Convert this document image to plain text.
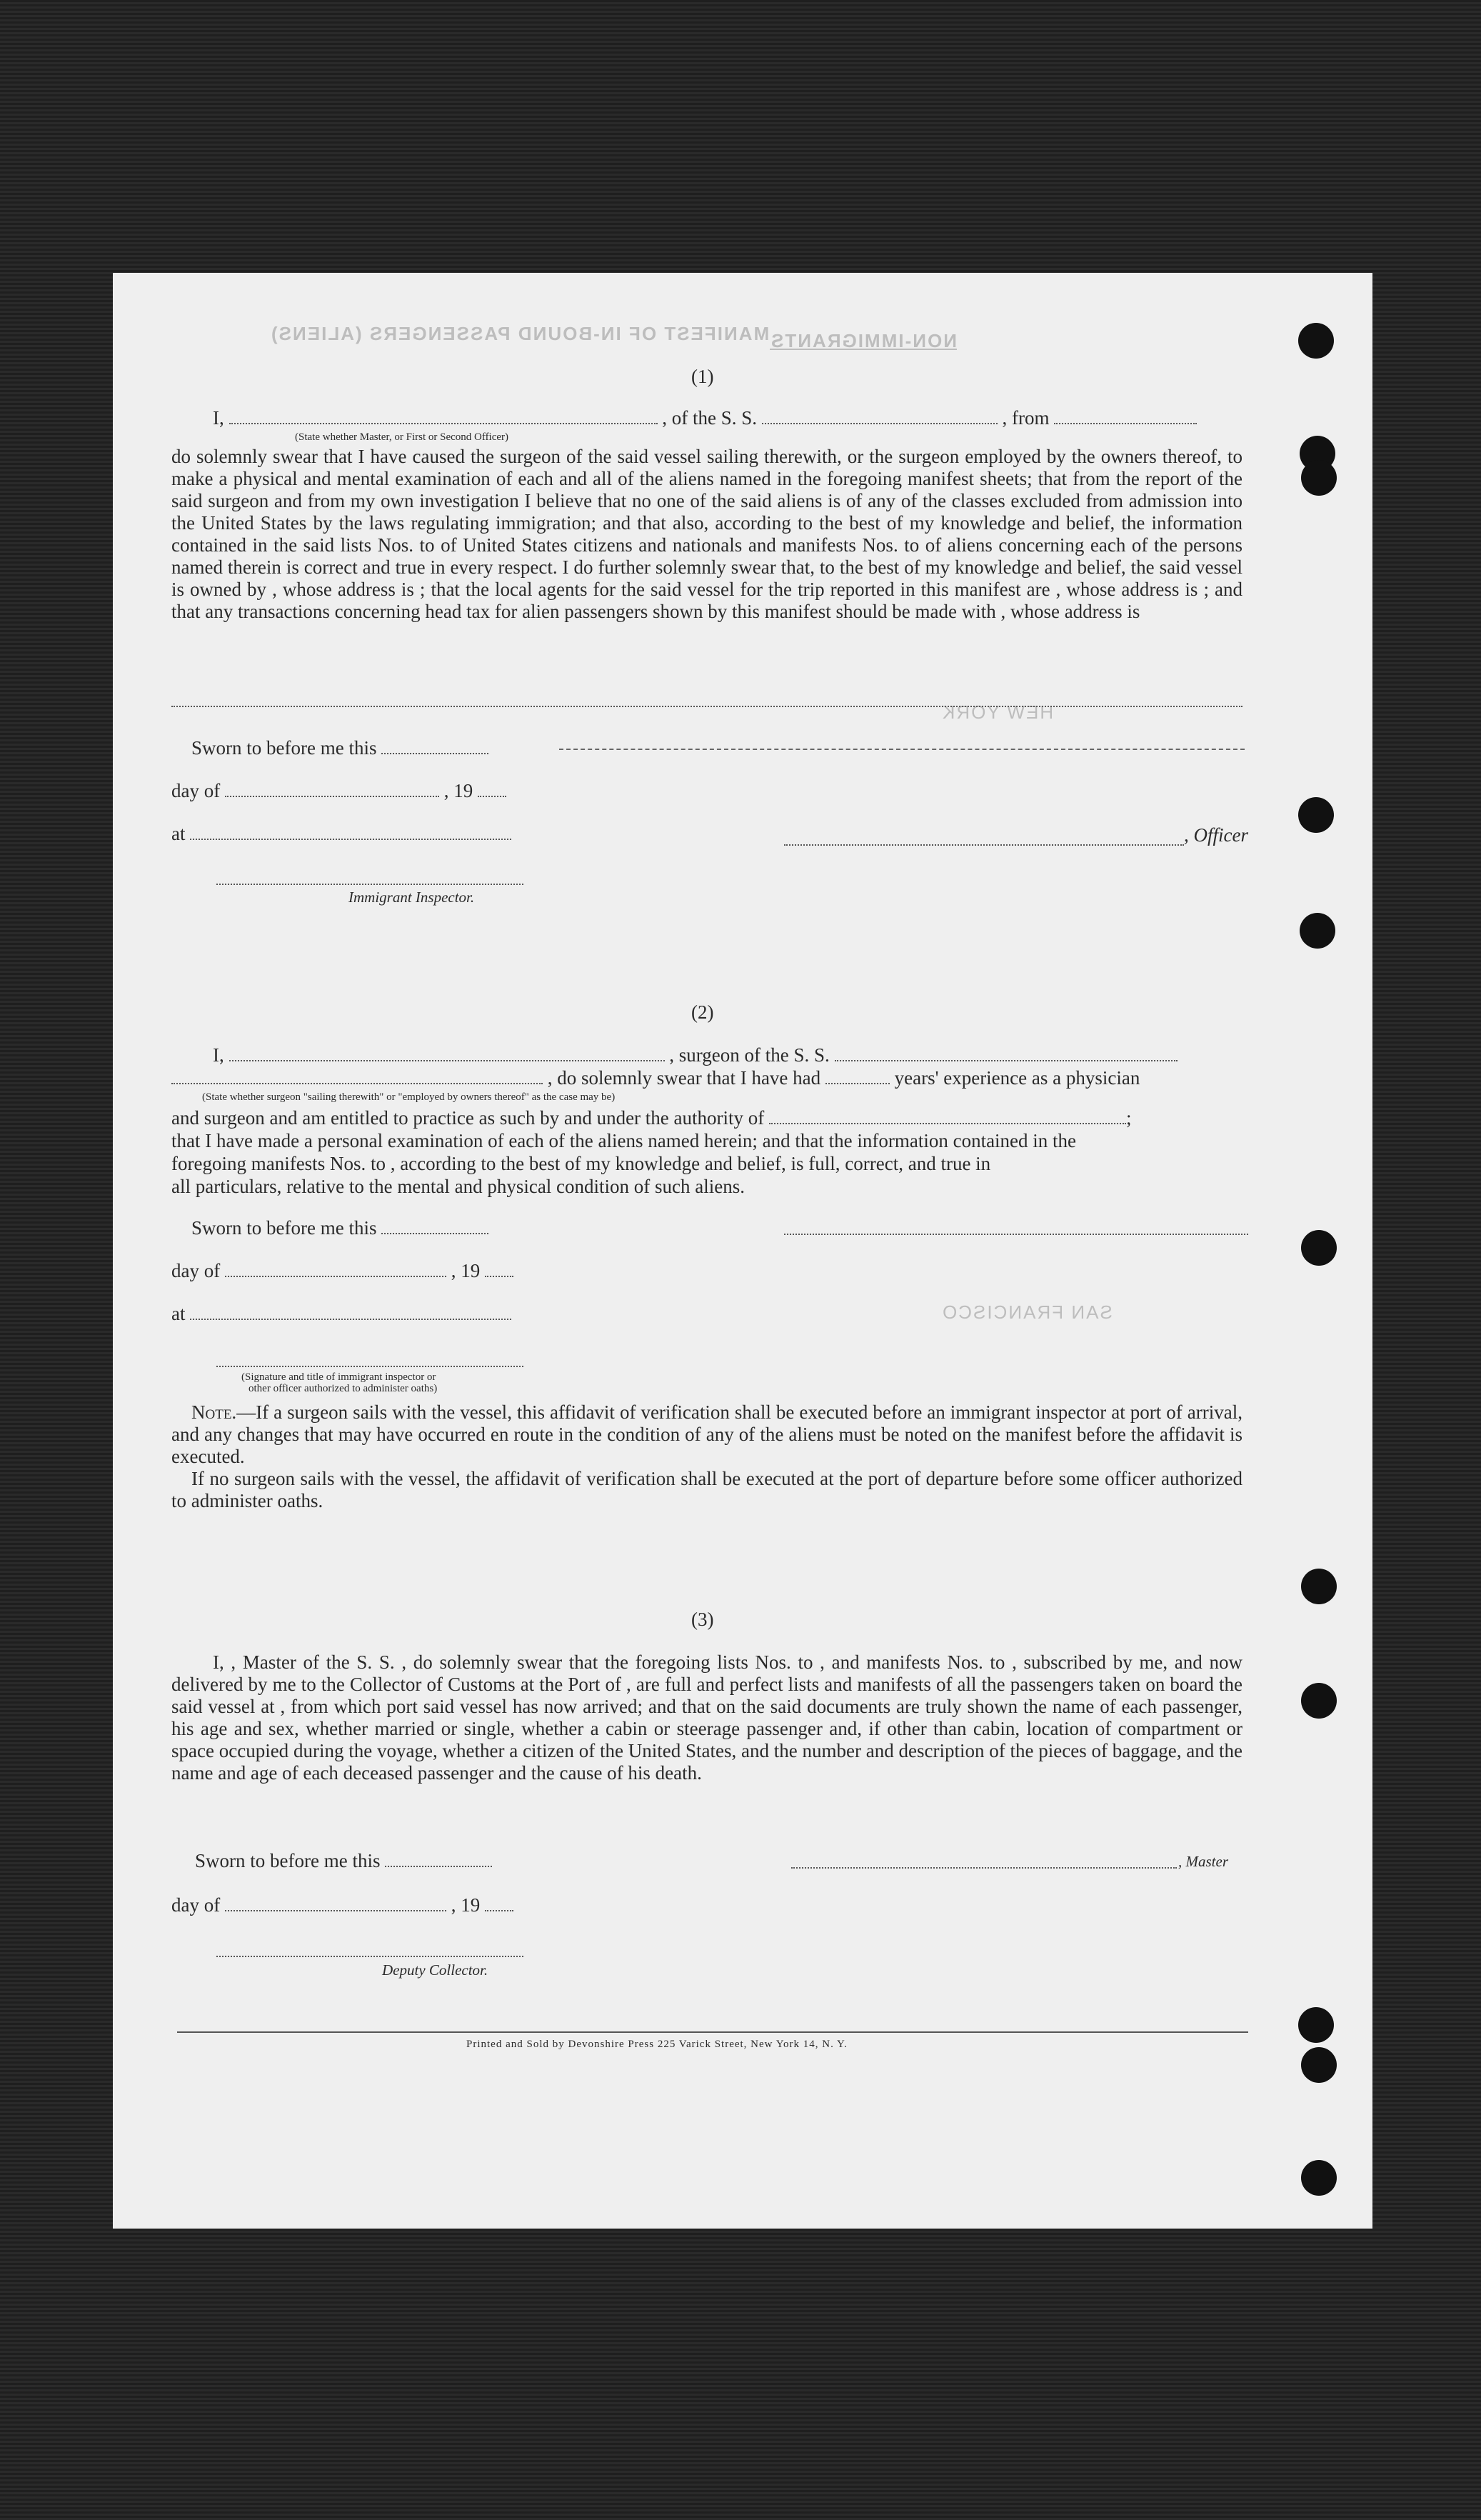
MANIFEST OF IN-BOUND PASSENGERS (ALIENS) NON-IMMIGRANTS
HEW YORK
SAN FRANCISCO
(1)
I,	, of the S. S.	, from
(State whether Master, or First or Second Officer)
do solemnly swear that I have caused the surgeon of the said vessel sailing therewith, or the surgeon employed by the owners thereof, to make a physical and mental examination of each and all of the aliens named in the foregoing manifest sheets; that from the report of the said surgeon and from my own investigation I believe that no one of the said aliens is of any of the classes excluded from admission into the United States by the laws regulating immigration; and that also, according to the best of my knowledge and belief, the information contained in the said lists Nos. to of United States citizens and nationals and manifests Nos. to of aliens concerning each of the persons named therein is correct and true in every respect. I do further solemnly swear that, to the best of my knowledge and belief, the said vessel is owned by , whose address is ; that the local agents for the said vessel for the trip reported in this manifest are , whose address is ; and that any transactions concerning head tax for alien passengers shown by this manifest should be made with , whose address is
Sworn to before me this
day of	, 19
at	, Officer
Immigrant Inspector.
(2)
I,	, surgeon of the S. S.
, do solemnly swear that I have had	years' experience as a physician
(State whether surgeon "sailing therewith" or "employed by owners thereof" as the case may be)
and surgeon and am entitled to practice as such by and under the authority of	;
that I have made a personal examination of each of the aliens named herein; and that the information contained in the
foregoing manifests Nos. to , according to the best of my knowledge and belief, is full, correct, and true in
all particulars, relative to the mental and physical condition of such aliens.
Sworn to before me this
day of	, 19
at
(Signature and title of immigrant inspector or
other officer authorized to administer oaths)
Note.—If a surgeon sails with the vessel, this affidavit of verification shall be executed before an immigrant inspector at port of arrival, and any changes that may have occurred en route in the condition of any of the aliens must be noted on the manifest before the affidavit is executed.
If no surgeon sails with the vessel, the affidavit of verification shall be executed at the port of departure before some officer authorized to administer oaths.
(3)
I, , Master of the S. S. , do solemnly swear that the foregoing lists Nos. to , and manifests Nos. to , subscribed by me, and now delivered by me to the Collector of Customs at the Port of , are full and perfect lists and manifests of all the passengers taken on board the said vessel at , from which port said vessel has now arrived; and that on the said documents are truly shown the name of each passenger, his age and sex, whether married or single, whether a cabin or steerage passenger and, if other than cabin, location of compartment or space occupied during the voyage, whether a citizen of the United States, and the number and description of the pieces of baggage, and the name and age of each deceased passenger and the cause of his death.
Sworn to before me this	, Master
day of	, 19
Deputy Collector.
Printed and Sold by Devonshire Press 225 Varick Street, New York 14, N. Y.
